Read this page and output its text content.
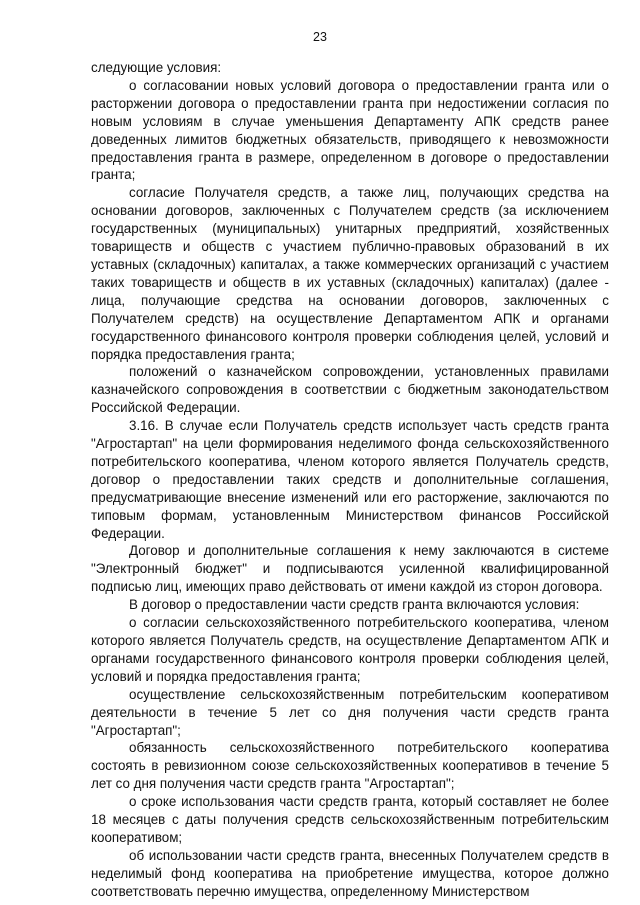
23

следующие условия:

о согласовании новых условий договора о предоставлении гранта или о расторжении договора о предоставлении гранта при недостижении согласия по новым условиям в случае уменьшения Департаменту АПК средств ранее доведенных лимитов бюджетных обязательств, приводящего к невозможности предоставления гранта в размере, определенном в договоре о предоставлении гранта;

согласие Получателя средств, а также лиц, получающих средства на основании договоров, заключенных с Получателем средств (за исключением государственных (муниципальных) унитарных предприятий, хозяйственных товариществ и обществ с участием публично-правовых образований в их уставных (складочных) капиталах, а также коммерческих организаций с участием таких товариществ и обществ в их уставных (складочных) капиталах) (далее - лица, получающие средства на основании договоров, заключенных с Получателем средств) на осуществление Департаментом АПК и органами государственного финансового контроля проверки соблюдения целей, условий и порядка предоставления гранта;

положений о казначейском сопровождении, установленных правилами казначейского сопровождения в соответствии с бюджетным законодательством Российской Федерации.

3.16. В случае если Получатель средств использует часть средств гранта "Агростартап" на цели формирования неделимого фонда сельскохозяйственного потребительского кооператива, членом которого является Получатель средств, договор о предоставлении таких средств и дополнительные соглашения, предусматривающие внесение изменений или его расторжение, заключаются по типовым формам, установленным Министерством финансов Российской Федерации.

Договор и дополнительные соглашения к нему заключаются в системе "Электронный бюджет" и подписываются усиленной квалифицированной подписью лиц, имеющих право действовать от имени каждой из сторон договора.

В договор о предоставлении части средств гранта включаются условия:

о согласии сельскохозяйственного потребительского кооператива, членом которого является Получатель средств, на осуществление Департаментом АПК и органами государственного финансового контроля проверки соблюдения целей, условий и порядка предоставления гранта;

осуществление сельскохозяйственным потребительским кооперативом деятельности в течение 5 лет со дня получения части средств гранта "Агростартап";

обязанность сельскохозяйственного потребительского кооператива состоять в ревизионном союзе сельскохозяйственных кооперативов в течение 5 лет со дня получения части средств гранта "Агростартап";

о сроке использования части средств гранта, который составляет не более 18 месяцев с даты получения средств сельскохозяйственным потребительским кооперативом;

об использовании части средств гранта, внесенных Получателем средств в неделимый фонд кооператива на приобретение имущества, которое должно соответствовать перечню имущества, определенному Министерством
